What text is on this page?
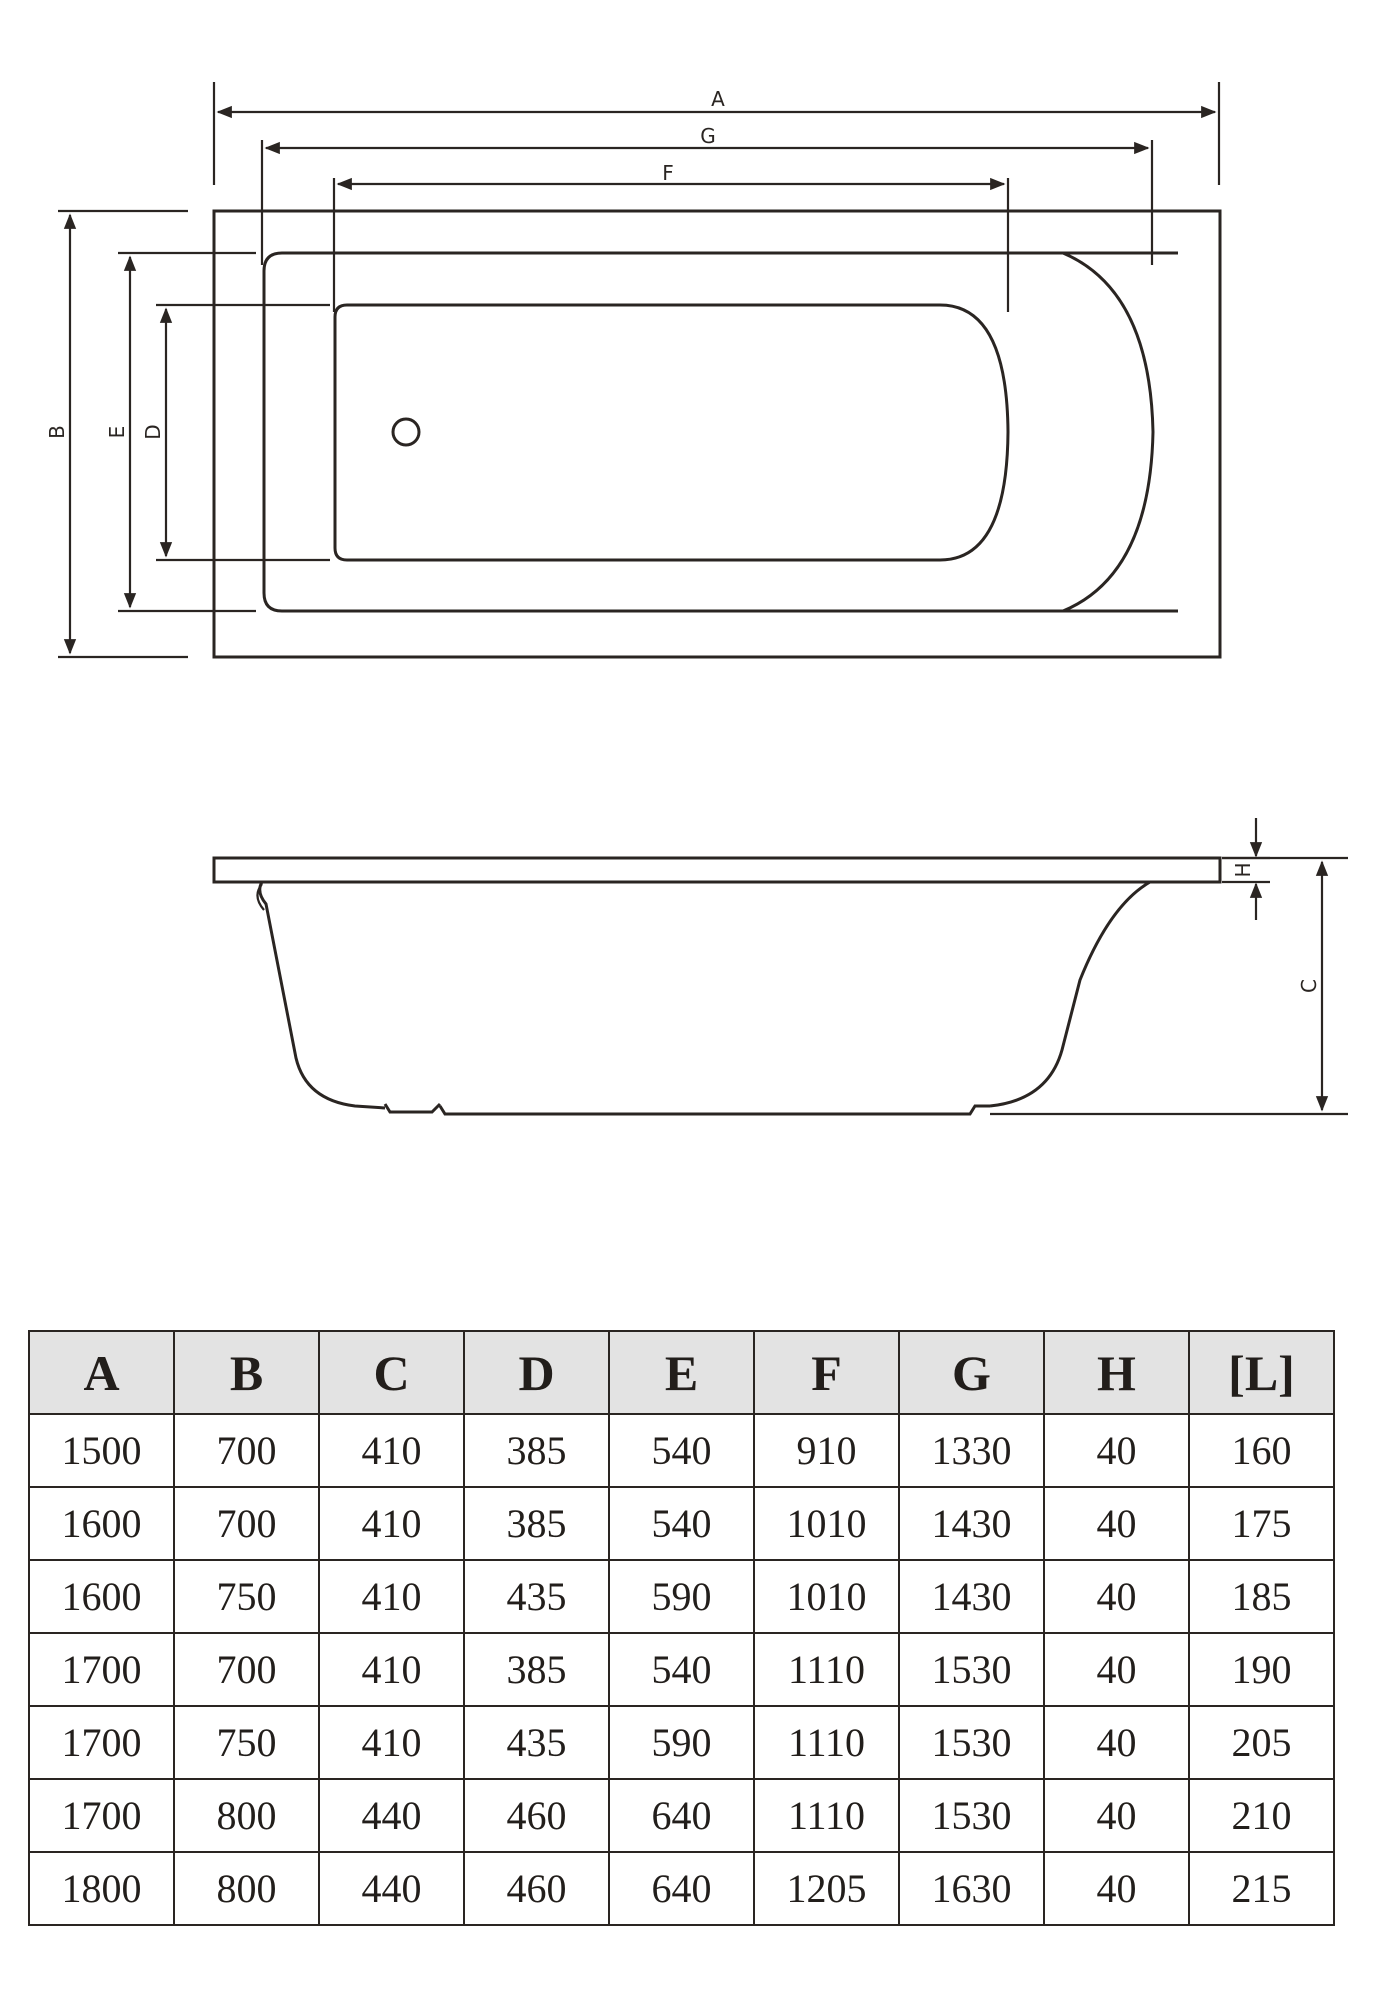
A
G
F
B E D
H
C
A	B	C	D	E	F	G	H	[L]
1500	700	410	385	540	910	1330	40	160
1600	700	410	385	540	1010	1430	40	175
1600	750	410	435	590	1010	1430	40	185
1700	700	410	385	540	1110	1530	40	190
1700	750	410	435	590	1110	1530	40	205
1700	800	440	460	640	1110	1530	40	210
1800	800	440	460	640	1205	1630	40	215
